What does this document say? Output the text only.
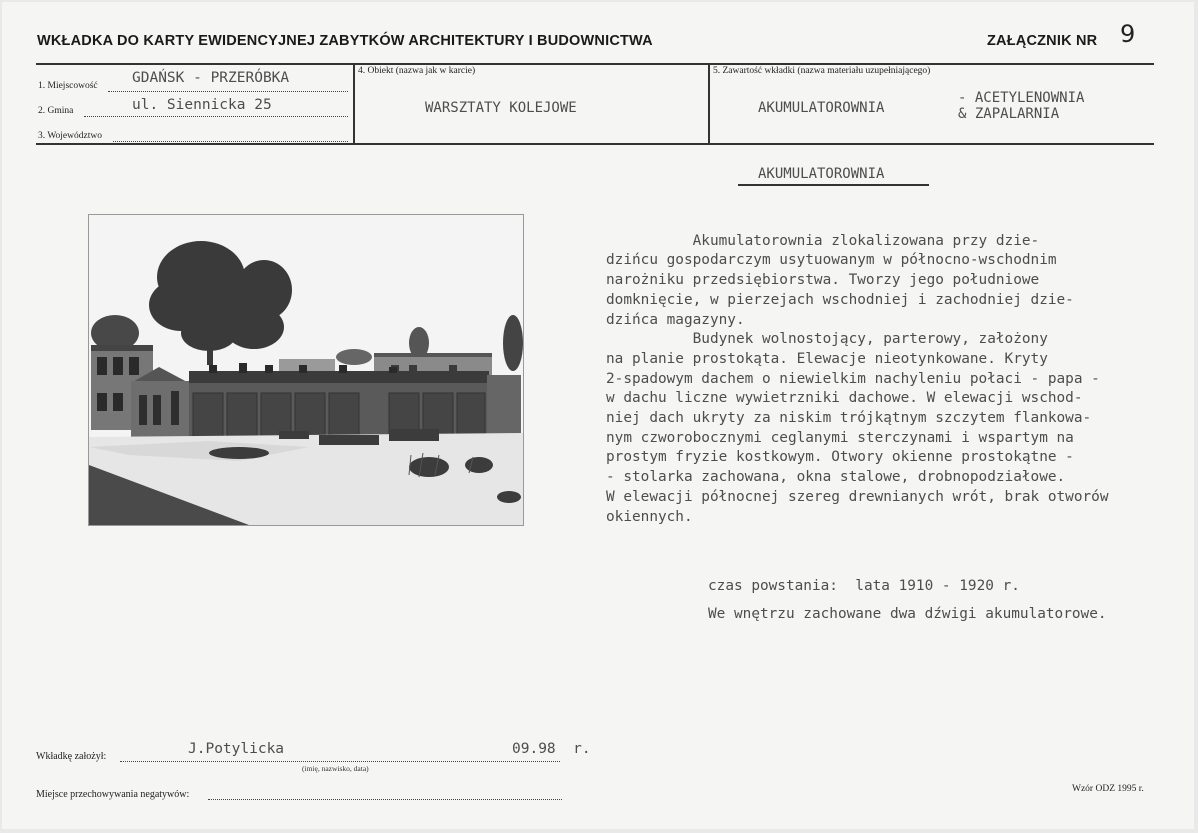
WKŁADKA DO KARTY EWIDENCYJNEJ ZABYTKÓW ARCHITEKTURY I BUDOWNICTWA	ZAŁĄCZNIK NR 9
1. Miejscowość GDAŃSK - PRZERÓBKA
2. Gmina	ul. Siennicka 25
3. Województwo
4. Obiekt (nazwa jak w karcie)
WARSZTATY KOLEJOWE
5. Zawartość wkładki (nazwa materiału uzupełniającego)
AKUMULATOROWNIA
- ACETYLENOWNIA
& ZAPALARNIA
AKUMULATOROWNIA

Akumulatorownia zlokalizowana przy dzie-
dzińcu gospodarczym usytuowanym w północno-wschodnim
narożniku przedsiębiorstwa. Tworzy jego południowe
domknięcie, w pierzejach wschodniej i zachodniej dzie-
dzińca magazyny.
Budynek wolnostojący, parterowy, założony
na planie prostokąta. Elewacje nieotynkowane. Kryty
2-spadowym dachem o niewielkim nachyleniu połaci - papa -
w dachu liczne wywietrzniki dachowe. W elewacji wschod-
niej dach ukryty za niskim trójkątnym szczytem flankowa-
nym czworobocznymi ceglanymi sterczynami i wspartym na
prostym fryzie kostkowym. Otwory okienne prostokątne -
- stolarka zachowana, okna stalowe, drobnopodziałowe.
W elewacji północnej szereg drewnianych wrót, brak otworów
okiennych.

czas powstania:  lata 1910 - 1920 r.
We wnętrzu zachowane dwa dźwigi akumulatorowe.
Wkładkę założył:	J.Potylicka	09.98  r.
(imię, nazwisko, data)
Miejsce przechowywania negatywów:	Wzór ODZ 1995 r.
